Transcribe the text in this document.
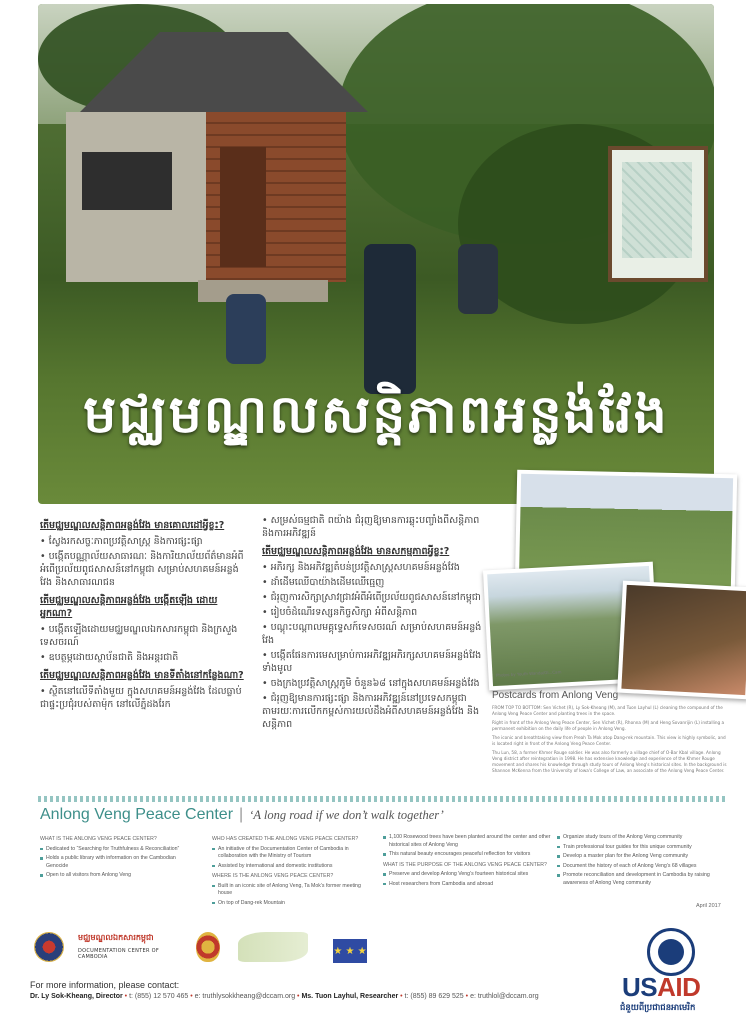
មជ្ឈមណ្ឌលសន្តិភាពអន្លង់វែង
Photos by Youth Wanda/Ol...Cam
Postcards from Anlong Veng

FROM TOP TO BOTTOM: Sen Vichet (R), Ly Sok-Kheang (M), and Tuon Layhul (L) cleaning the compound of the Anlong Veng Peace Center and planting trees in the space.

Right in front of the Anlong Veng Peace Center, Sen Vichet (R), Rhonna (M) and Heng Sovanrijin (L) installing a permanent exhibition on the daily life of people in Anlong Veng.

The iconic and breathtaking view from Preah Ta Mok atop Dang-rek mountain. This view is highly symbolic, and is located right in front of the Anlong Veng Peace Center.

Thu Lun, 58, a former Khmer Rouge soldier. He was also formerly a village chief of O-Bar Kbal village. Anlong Veng district after reintegration in 1998. He has extensive knowledge and experience of the Khmer Rouge movement and shares his knowledge through study tours of Anlong Veng's historical sites. In the background is Shannon McKenna from the University of Iowa's College of Law, an associate of the Anlong Veng Peace Center.

តើមជ្ឈមណ្ឌលសន្តិភាពអន្លង់វែង មានគោលដៅអ្វីខ្លះ?
• ស្វែងរកសច្ចៈភាពប្រវត្តិសាស្ត្រ និងការផ្សះផ្សា
• បង្កើតបណ្ណាល័យសាធារណៈ និងការិយាល័យព័ត៌មានអំពីអំពើប្រល័យពូជសាសន៍នៅកម្ពុជា សម្រាប់សហគមន៍អន្លង់វែង និងសាធារណជន
តើមជ្ឈមណ្ឌលសន្តិភាពអន្លង់វែង បង្កើតឡើង ដោយ អ្នកណា?
• បង្កើតឡើងដោយមជ្ឈមណ្ឌលឯកសារកម្ពុជា និងក្រសួងទេសចរណ៍
• ឧបត្ថម្ភដោយស្ថាប័នជាតិ និងអន្តរជាតិ
តើមជ្ឈមណ្ឌលសន្តិភាពអន្លង់វែង មានទីតាំងនៅកន្លែងណា?
• ស្ថិតនៅលើទីតាំងមួយ ក្នុងសហគមន៍អន្លង់វែង ដែលធ្លាប់ជាផ្ទះប្រជុំរបស់តាម៉ុក នៅលើភ្នំដងរែក
• សម្រស់ធម្មជាតិ ពយ៉ាង ជំរុញឱ្យមានការឆ្លុះបញ្ចាំងពីសន្តិភាព និងការអភិវឌ្ឍន៍
តើមជ្ឈមណ្ឌលសន្តិភាពអន្លង់វែង មានសកម្មភាពអ្វីខ្លះ?
• អភិរក្ស និងអភិវឌ្ឍតំបន់ប្រវត្តិសាស្ត្រសហគមន៍អន្លង់វែង
• ដាំដើមឈើបាយ៉ាងដើមឈើធ្មេញ
• ជំរុញការសិក្សាស្រាវជ្រាវអំពីអំពើប្រល័យពូជសាសន៍នៅកម្ពុជា
• រៀបចំដំណើរទស្សនកិច្ចសិក្សា អំពីសន្តិភាព
• បណ្តុះបណ្តាលមគ្គុទ្ទេសក៍ទេសចរណ៍ សម្រាប់សហគមន៍អន្លង់វែង
• បង្កើតផែនការមេសម្រាប់ការអភិវឌ្ឍអភិរក្សសហគមន៍អន្លង់វែងទាំងមូល
• ចងក្រងប្រវត្តិសាស្ត្រភូមិ ចំនួន៦៨ នៅក្នុងសហគមន៍អន្លង់វែង
• ជំរុញឱ្យមានការផ្សះផ្សា និងការអភិវឌ្ឍន៍នៅប្រទេសកម្ពុជា តាមរយៈការលើកកម្ពស់ការយល់ដឹងអំពីសហគមន៍អន្លង់វែង និងសន្តិភាព
Anlong Veng Peace Center | ‘A long road if we don’t walk together’
WHAT IS THE ANLONG VENG PEACE CENTER?
Dedicated to “Searching for Truthfulness & Reconciliation”
Holds a public library with information on the Cambodian Genocide
Open to all visitors from Anlong Veng
WHO HAS CREATED THE ANLONG VENG PEACE CENTER?
An initiative of the Documentation Center of Cambodia in collaboration with the Ministry of Tourism
Assisted by international and domestic institutions
WHERE IS THE ANLONG VENG PEACE CENTER?
Built in an iconic site of Anlong Veng, Ta Mok’s former meeting house
On top of Dang-rek Mountain
1,100 Rosewood trees have been planted around the center and other historical sites of Anlong Veng
This natural beauty encourages peaceful reflection for visitors
WHAT IS THE PURPOSE OF THE ANLONG VENG PEACE CENTER?
Preserve and develop Anlong Veng’s fourteen historical sites
Host researchers from Cambodia and abroad
Organize study tours of the Anlong Veng community
Train professional tour guides for this unique community
Develop a master plan for the Anlong Veng community
Document the history of each of Anlong Veng’s 68 villages
Promote reconciliation and development in Cambodia by raising awareness of Anlong Veng community
April 2017
មជ្ឈមណ្ឌលឯកសារកម្ពុជា
DOCUMENTATION CENTER OF CAMBODIA
★ ★ ★
For more information, please contact:
Dr. Ly Sok-Kheang, Director • t: (855) 12 570 465 • e: truthlysokkheang@dccam.org • Ms. Tuon Layhul, Researcher • t: (855) 89 629 525 • e: truthlol@dccam.org	USAID
ជំនួយពីប្រជាជនអាមេរិក
